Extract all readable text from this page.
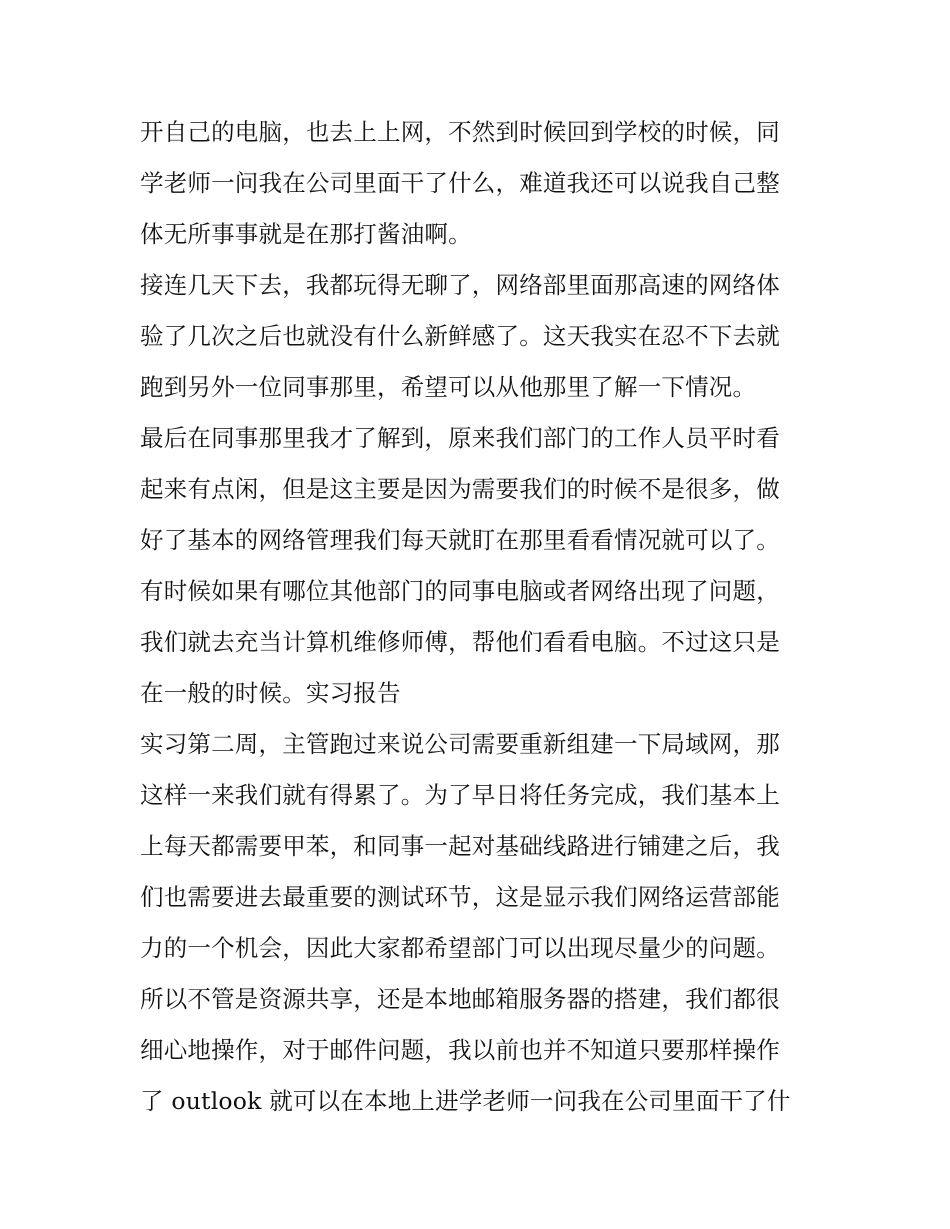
开自己的电脑，也去上上网，不然到时候回到学校的时候，同
学老师一问我在公司里面干了什么，难道我还可以说我自己整
体无所事事就是在那打酱油啊。
接连几天下去，我都玩得无聊了，网络部里面那高速的网络体
验了几次之后也就没有什么新鲜感了。这天我实在忍不下去就
跑到另外一位同事那里，希望可以从他那里了解一下情况。
最后在同事那里我才了解到，原来我们部门的工作人员平时看
起来有点闲，但是这主要是因为需要我们的时候不是很多，做
好了基本的网络管理我们每天就盯在那里看看情况就可以了。
有时候如果有哪位其他部门的同事电脑或者网络出现了问题，
我们就去充当计算机维修师傅，帮他们看看电脑。不过这只是
在一般的时候。实习报告
实习第二周，主管跑过来说公司需要重新组建一下局域网，那
这样一来我们就有得累了。为了早日将任务完成，我们基本上
上每天都需要甲苯，和同事一起对基础线路进行铺建之后，我
们也需要进去最重要的测试环节，这是显示我们网络运营部能
力的一个机会，因此大家都希望部门可以出现尽量少的问题。
所以不管是资源共享，还是本地邮箱服务器的搭建，我们都很
细心地操作，对于邮件问题，我以前也并不知道只要那样操作
了 outlook 就可以在本地上进学老师一问我在公司里面干了什
